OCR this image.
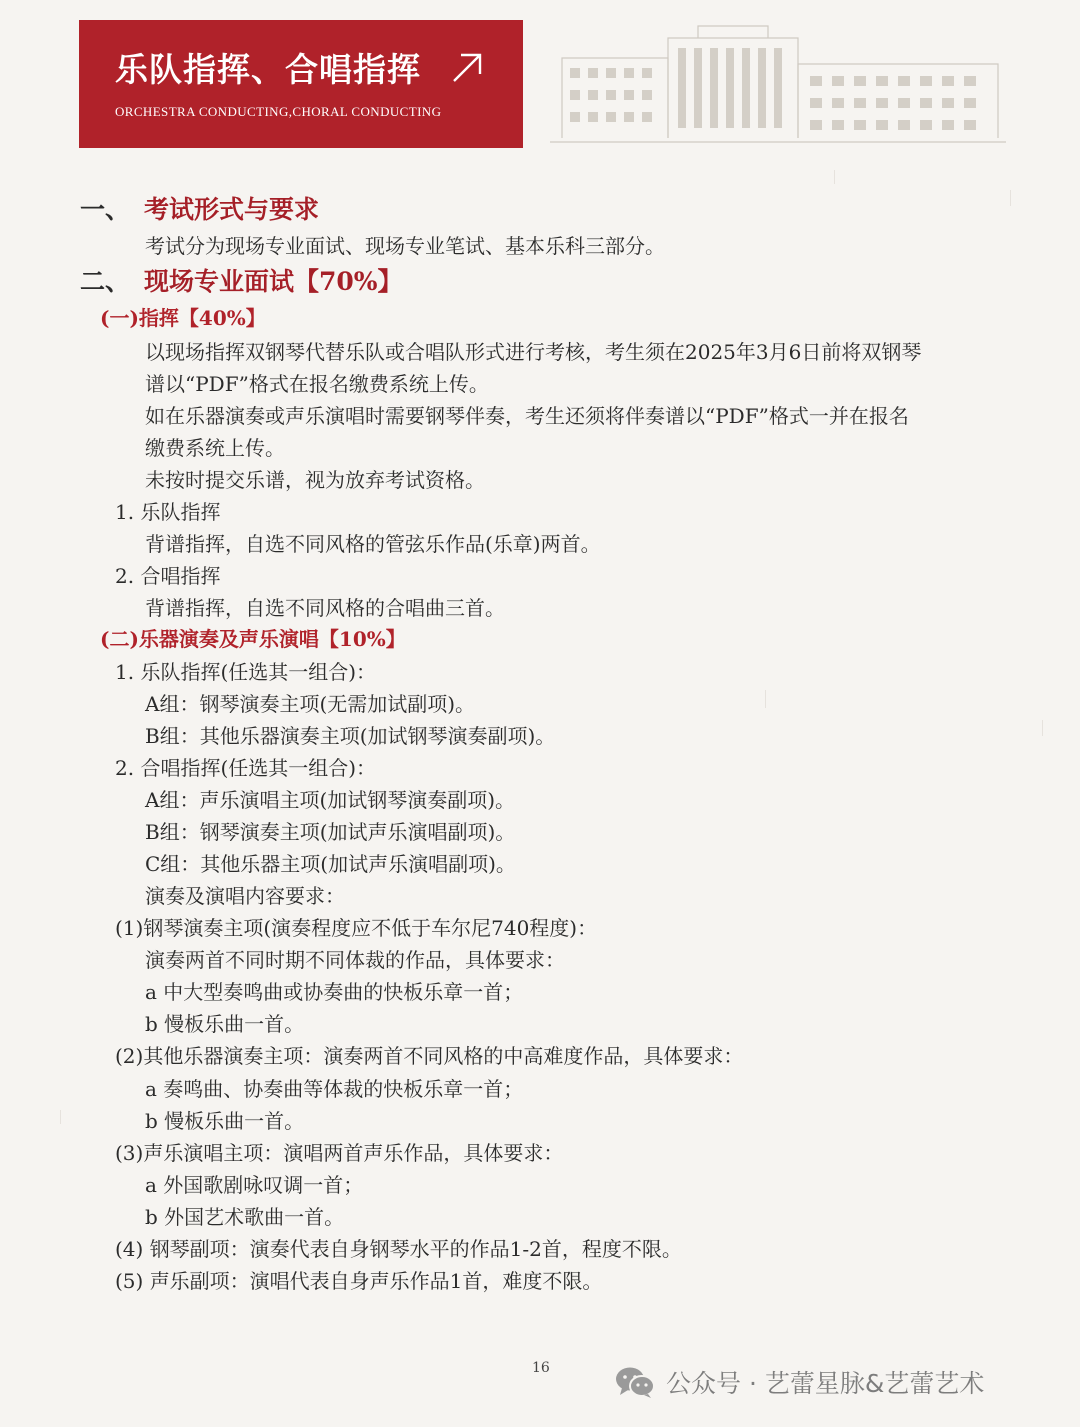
乐队指挥、合唱指挥
ORCHESTRA CONDUCTING,CHORAL CONDUCTING
一、 考试形式与要求
考试分为现场专业面试、现场专业笔试、基本乐科三部分。
二、 现场专业面试【70%】
(一)指挥【40%】
以现场指挥双钢琴代替乐队或合唱队形式进行考核，考生须在2025年3月6日前将双钢琴
谱以“PDF”格式在报名缴费系统上传。
如在乐器演奏或声乐演唱时需要钢琴伴奏，考生还须将伴奏谱以“PDF”格式一并在报名
缴费系统上传。
未按时提交乐谱，视为放弃考试资格。
1. 乐队指挥
背谱指挥，自选不同风格的管弦乐作品(乐章)两首。
2. 合唱指挥
背谱指挥，自选不同风格的合唱曲三首。
(二)乐器演奏及声乐演唱【10%】
1. 乐队指挥(任选其一组合)：
A组：钢琴演奏主项(无需加试副项)。
B组：其他乐器演奏主项(加试钢琴演奏副项)。
2. 合唱指挥(任选其一组合)：
A组：声乐演唱主项(加试钢琴演奏副项)。
B组：钢琴演奏主项(加试声乐演唱副项)。
C组：其他乐器主项(加试声乐演唱副项)。
演奏及演唱内容要求：
(1)钢琴演奏主项(演奏程度应不低于车尔尼740程度)：
演奏两首不同时期不同体裁的作品，具体要求：
a 中大型奏鸣曲或协奏曲的快板乐章一首；
b 慢板乐曲一首。
(2)其他乐器演奏主项：演奏两首不同风格的中高难度作品，具体要求：
a 奏鸣曲、协奏曲等体裁的快板乐章一首；
b 慢板乐曲一首。
(3)声乐演唱主项：演唱两首声乐作品，具体要求：
a 外国歌剧咏叹调一首；
b 外国艺术歌曲一首。
(4) 钢琴副项：演奏代表自身钢琴水平的作品1-2首，程度不限。
(5) 声乐副项：演唱代表自身声乐作品1首，难度不限。
16
公众号 · 艺蕾星脉&艺蕾艺术
